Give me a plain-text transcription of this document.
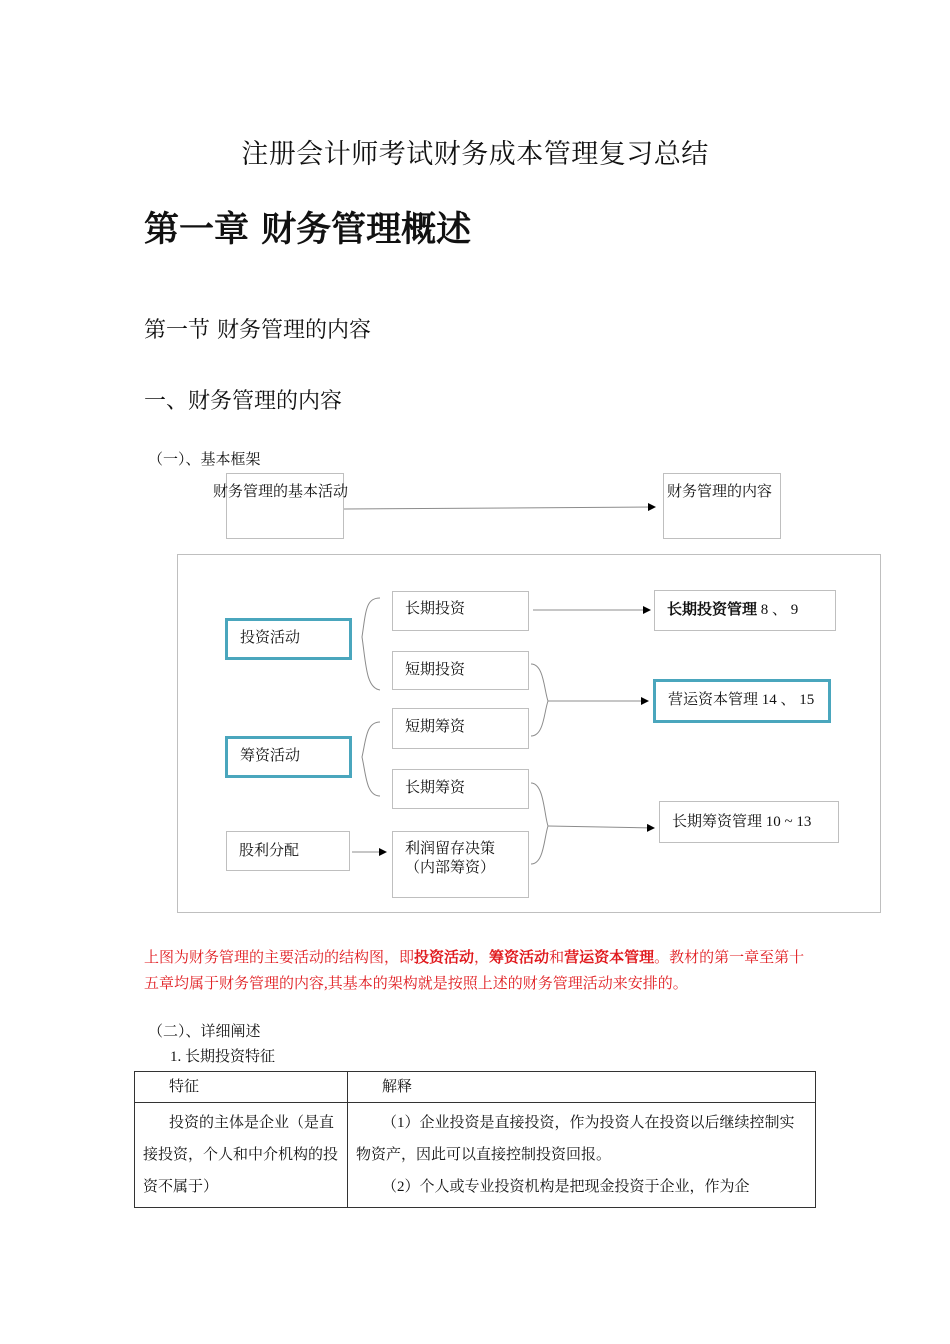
注册会计师考试财务成本管理复习总结
第一章 财务管理概述
第一节 财务管理的内容
一、财务管理的内容
（一）、基本框架
财务管理的基本活动	财务管理的内容
投资活动
筹资活动
股利分配
长期投资
短期投资
短期筹资
长期筹资
利润留存决策
（内部筹资）
长期投资管理 8 、 9
营运资本管理 14 、 15
长期筹资管理 10 ~ 13
上图为财务管理的主要活动的结构图，即投资活动，筹资活动和营运资本管理。教材的第一章至第十五章均属于财务管理的内容,其基本的架构就是按照上述的财务管理活动来安排的。
（二）、详细阐述
1. 长期投资特征
特征	解释

投资的主体是企业（是直接投资，个人和中介机构的投资不属于）	（1）企业投资是直接投资，作为投资人在投资以后继续控制实物资产，因此可以直接控制投资回报。
（2）个人或专业投资机构是把现金投资于企业，作为企
